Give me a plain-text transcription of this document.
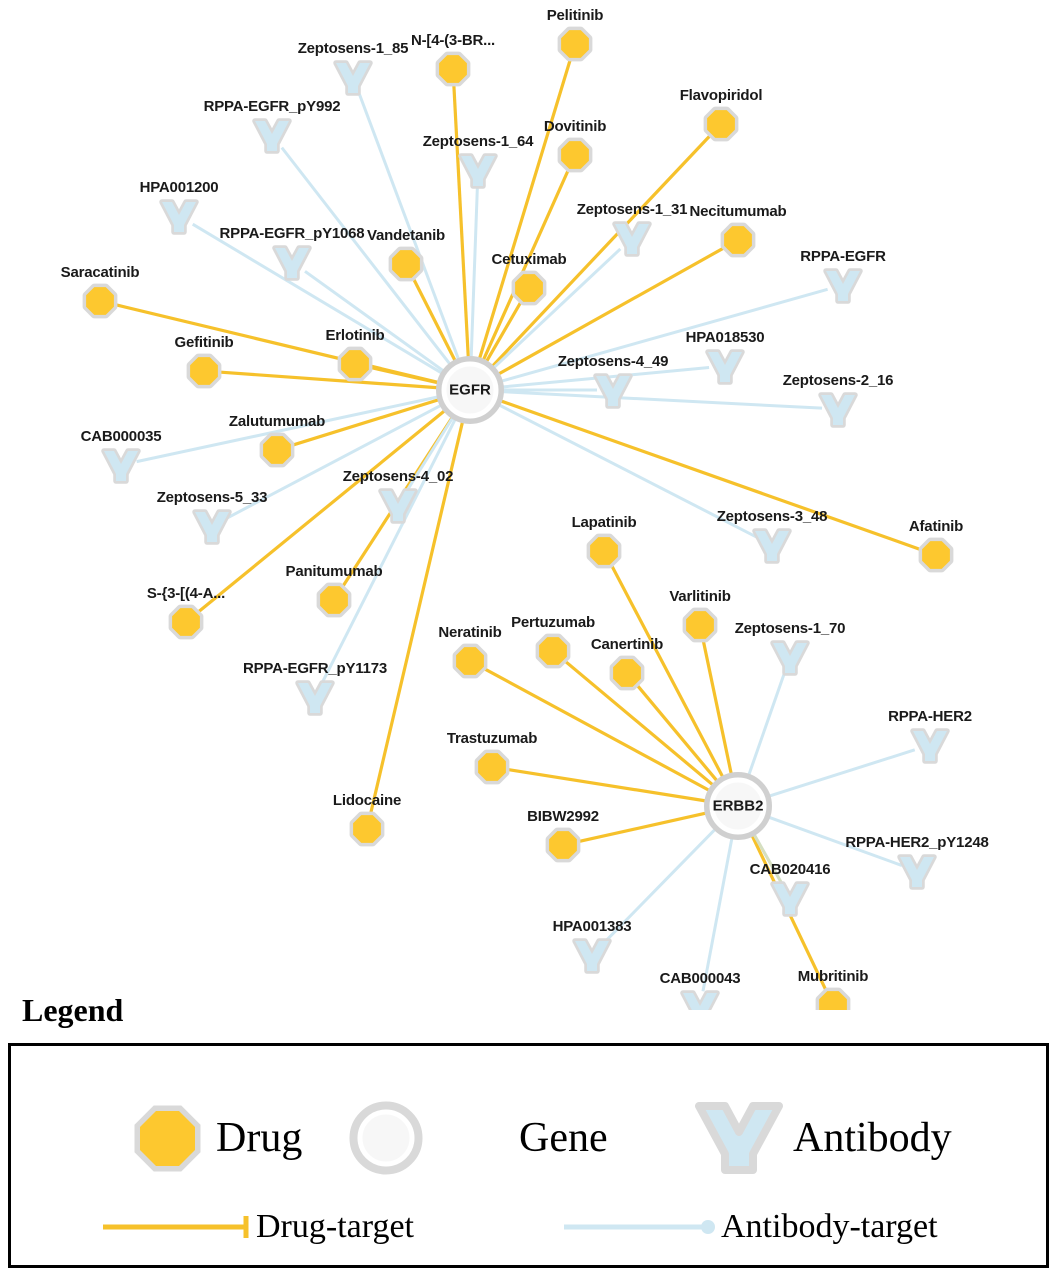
Pelitinib
N-[4-(3-BR...
Flavopiridol
Dovitinib
Necitumumab
Vandetanib
Cetuximab
Saracatinib
Gefitinib	Erlotinib
Zalutumumab
Afatinib
Lapatinib
Varlitinib
Panitumumab
S-{3-[(4-A...
Pertuzumab
Neratinib
Canertinib
Trastuzumab
Lidocaine
BIBW2992
Mubritinib
Zeptosens-1_85
RPPA-EGFR_pY992
Zeptosens-1_64
HPA001200
Zeptosens-1_31
RPPA-EGFR_pY1068
RPPA-EGFR
HPA018530
Zeptosens-4_49
Zeptosens-2_16
CAB000035
Zeptosens-4_02
Zeptosens-5_33
Zeptosens-3_48
Zeptosens-1_70
RPPA-EGFR_pY1173
RPPA-HER2
RPPA-HER2_pY1248
CAB020416
HPA001383
CAB000043
EGFR
ERBB2
Legend
Drug	Gene	Antibody
Drug-target	Antibody-target
